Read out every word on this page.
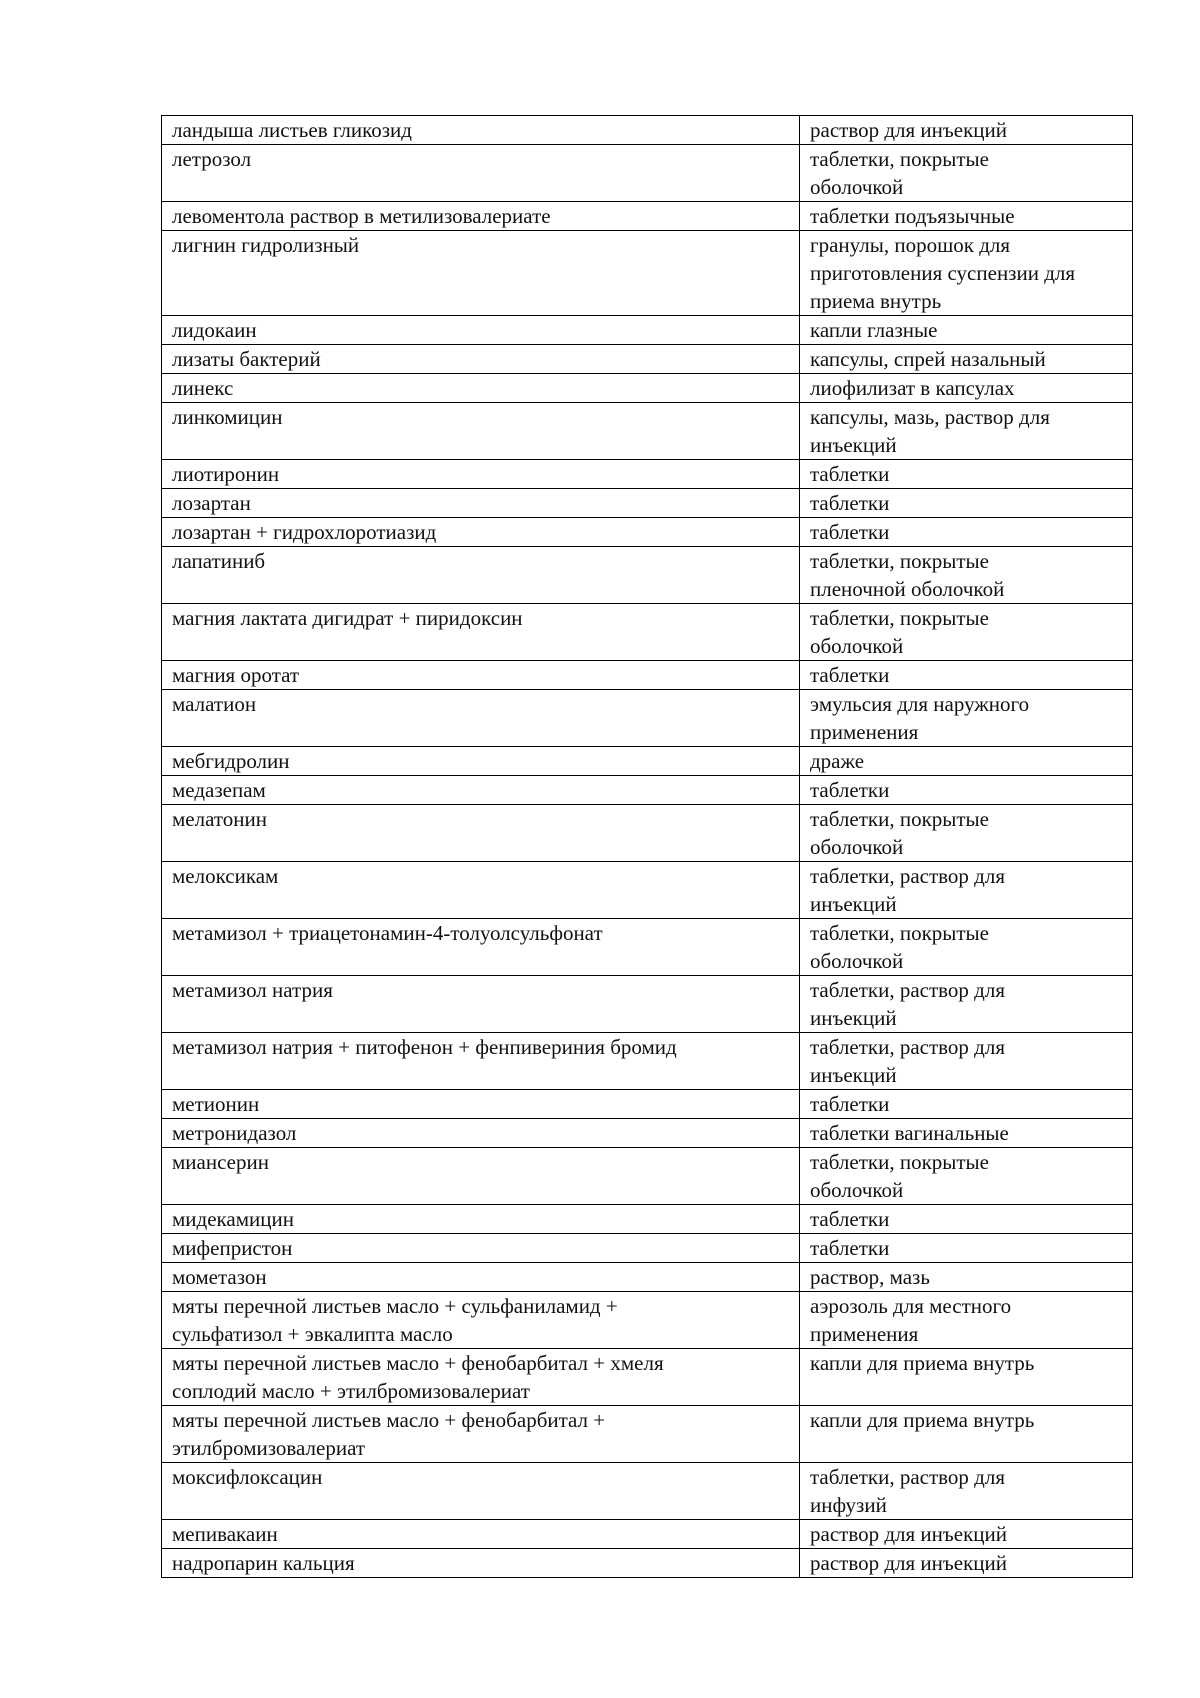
ландыша листьев гликозид	раствор для инъекций
летрозол	таблетки, покрытые
оболочкой
левоментола раствор в метилизовалериате	таблетки подъязычные
лигнин гидролизный	гранулы, порошок для
приготовления суспензии для
приема внутрь
лидокаин	капли глазные
лизаты бактерий	капсулы, спрей назальный
линекс	лиофилизат в капсулах
линкомицин	капсулы, мазь, раствор для
инъекций
лиотиронин	таблетки
лозартан	таблетки
лозартан + гидрохлоротиазид	таблетки
лапатиниб	таблетки, покрытые
пленочной оболочкой
магния лактата дигидрат + пиридоксин	таблетки, покрытые
оболочкой
магния оротат	таблетки
малатион	эмульсия для наружного
применения
мебгидролин	драже
медазепам	таблетки
мелатонин	таблетки, покрытые
оболочкой
мелоксикам	таблетки, раствор для
инъекций
метамизол + триацетонамин-4-толуолсульфонат	таблетки, покрытые
оболочкой
метамизол натрия	таблетки, раствор для
инъекций
метамизол натрия + питофенон + фенпивериния бромид	таблетки, раствор для
инъекций
метионин	таблетки
метронидазол	таблетки вагинальные
миансерин	таблетки, покрытые
оболочкой
мидекамицин	таблетки
мифепристон	таблетки
мометазон	раствор, мазь
мяты перечной листьев масло + сульфаниламид +
сульфатизол + эвкалипта масло	аэрозоль для местного
применения
мяты перечной листьев масло + фенобарбитал + хмеля
соплодий масло + этилбромизовалериат	капли для приема внутрь
мяты перечной листьев масло + фенобарбитал +
этилбромизовалериат	капли для приема внутрь
моксифлоксацин	таблетки, раствор для
инфузий
мепивакаин	раствор для инъекций
надропарин кальция	раствор для инъекций
